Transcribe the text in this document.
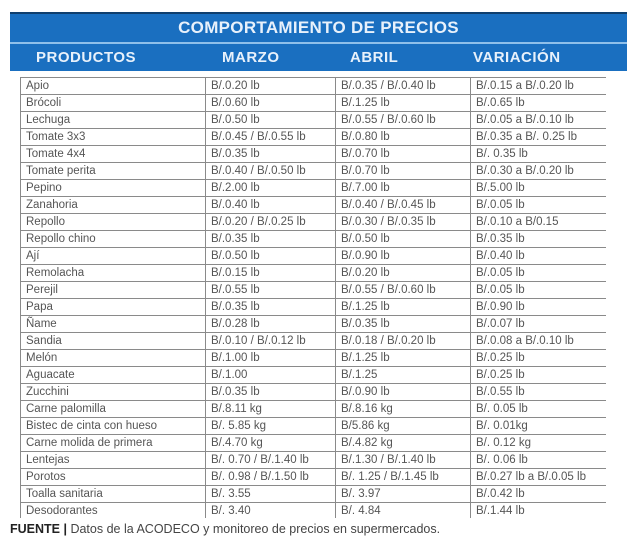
COMPORTAMIENTO DE PRECIOS
PRODUCTOS	MARZO	ABRIL	VARIACIÓN
Apio	B/.0.20 lb	B/.0.35 / B/.0.40 lb	B/.0.15 a B/.0.20 lb
Brócoli	B/.0.60 lb	B/.1.25 lb	B/.0.65 lb
Lechuga	B/.0.50 lb	B/.0.55 / B/.0.60 lb	B/.0.05 a B/.0.10 lb
Tomate 3x3	B/.0.45 / B/.0.55 lb	B/.0.80 lb	B/.0.35 a B/. 0.25 lb
Tomate 4x4	B/.0.35 lb	B/.0.70 lb	B/. 0.35 lb
Tomate perita	B/.0.40 / B/.0.50 lb	B/.0.70 lb	B/.0.30 a B/.0.20 lb
Pepino	B/.2.00 lb	B/.7.00 lb	B/.5.00 lb
Zanahoria	B/.0.40 lb	B/.0.40 / B/.0.45 lb	B/.0.05 lb
Repollo	B/.0.20 / B/.0.25 lb	B/.0.30 / B/.0.35 lb	B/.0.10 a B/0.15
Repollo chino	B/.0.35 lb	B/.0.50 lb	B/.0.35 lb
Ají	B/.0.50 lb	B/.0.90 lb	B/.0.40 lb
Remolacha	B/.0.15 lb	B/.0.20 lb	B/.0.05 lb
Perejil	B/.0.55 lb	B/.0.55 / B/.0.60 lb	B/.0.05 lb
Papa	B/.0.35 lb	B/.1.25 lb	B/.0.90 lb
Ñame	B/.0.28 lb	B/.0.35 lb	B/.0.07 lb
Sandia	B/.0.10 / B/.0.12 lb	B/.0.18 / B/.0.20 lb	B/.0.08 a B/.0.10 lb
Melón	B/.1.00 lb	B/.1.25 lb	B/.0.25 lb
Aguacate	B/.1.00	B/.1.25	B/.0.25 lb
Zucchini	B/.0.35 lb	B/.0.90 lb	B/.0.55 lb
Carne palomilla	B/.8.11 kg	B/.8.16 kg	B/. 0.05 lb
Bistec de cinta con hueso	B/. 5.85 kg	B/5.86 kg	B/. 0.01kg
Carne molida de primera	B/.4.70 kg	B/.4.82 kg	B/. 0.12 kg
Lentejas	B/. 0.70 / B/.1.40 lb	B/.1.30 / B/.1.40 lb	B/. 0.06 lb
Porotos	B/. 0.98 / B/.1.50 lb	B/. 1.25 / B/.1.45 lb	B/.0.27 lb a B/.0.05 lb
Toalla sanitaria	B/. 3.55	B/. 3.97	B/.0.42 lb
Desodorantes	B/. 3.40	B/. 4.84	B/.1.44 lb

FUENTE | Datos de la ACODECO y monitoreo de precios en supermercados.
